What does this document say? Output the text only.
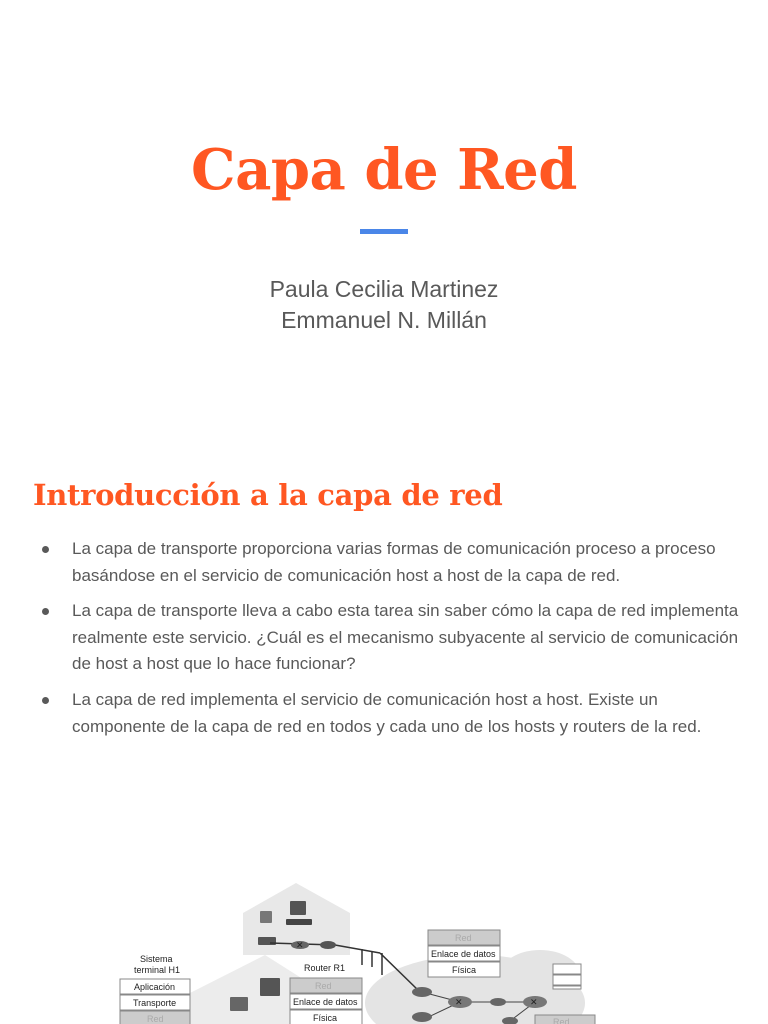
Capa de Red
Paula Cecilia Martinez
Emmanuel N. Millán
Introducción a la capa de red
La capa de transporte proporciona varias formas de comunicación proceso a proceso basándose en el servicio de comunicación host a host de la capa de red.
La capa de transporte lleva a cabo esta tarea sin saber cómo la capa de red implementa realmente este servicio. ¿Cuál es el mecanismo subyacente al servicio de comunicación de host a host que lo hace funcionar?
La capa de red implementa el servicio de comunicación host a host. Existe un componente de la capa de red en todos y cada uno de los hosts y routers de la red.
✕
✕	✕
Sistema
terminal H1
Aplicación
Transporte
Red
Router R1
Red
Enlace de datos
Física
Red
Enlace de datos
Física
Red
